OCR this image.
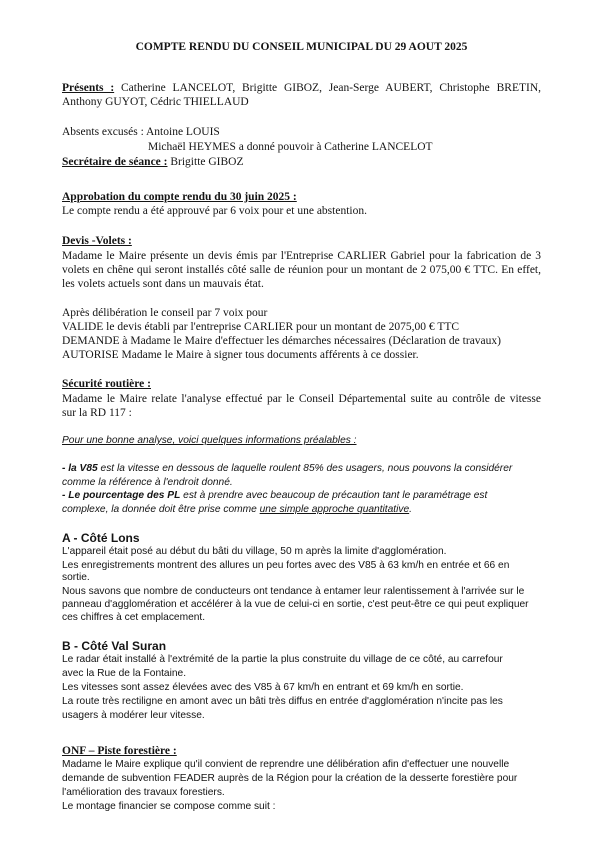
COMPTE RENDU DU CONSEIL MUNICIPAL DU 29 AOUT 2025
Présents : Catherine LANCELOT, Brigitte GIBOZ, Jean-Serge AUBERT, Christophe BRETIN,
Anthony GUYOT, Cédric THIELLAUD
Absents excusés : Antoine LOUIS
Michaël HEYMES a donné pouvoir à Catherine LANCELOT
Secrétaire de séance : Brigitte GIBOZ
Approbation du compte rendu du 30 juin 2025 :
Le compte rendu a été approuvé par 6 voix pour et une abstention.
Devis -Volets :
Madame le Maire présente un devis émis par l'Entreprise CARLIER Gabriel pour la fabrication de 3
volets en chêne qui seront installés côté salle de réunion pour un montant de 2 075,00 € TTC. En effet,
les volets actuels sont dans un mauvais état.
Après délibération le conseil par 7 voix pour
VALIDE le devis établi par l'entreprise CARLIER pour un montant de 2075,00 € TTC
DEMANDE à Madame le Maire d'effectuer les démarches nécessaires (Déclaration de travaux)
AUTORISE Madame le Maire à signer tous documents afférents à ce dossier.
Sécurité routière :
Madame le Maire relate l'analyse effectué par le Conseil Départemental suite au contrôle de vitesse
sur la RD 117 :
Pour une bonne analyse, voici quelques informations préalables :
- la V85 est la vitesse en dessous de laquelle roulent 85% des usagers, nous pouvons la considérer
comme la référence à l'endroit donné.
- Le pourcentage des PL est à prendre avec beaucoup de précaution tant le paramétrage est
complexe, la donnée doit être prise comme une simple approche quantitative.
A - Côté Lons
L'appareil était posé au début du bâti du village, 50 m après la limite d'agglomération.
Les enregistrements montrent des allures un peu fortes avec des V85 à 63 km/h en entrée et 66 en
sortie.
Nous savons que nombre de conducteurs ont tendance à entamer leur ralentissement à l'arrivée sur le
panneau d'agglomération et accélérer à la vue de celui-ci en sortie, c'est peut-être ce qui peut expliquer
ces chiffres à cet emplacement.
B - Côté Val Suran
Le radar était installé à l'extrémité de la partie la plus construite du village de ce côté, au carrefour
avec la Rue de la Fontaine.
Les vitesses sont assez élevées avec des V85 à 67 km/h en entrant et 69 km/h en sortie.
La route très rectiligne en amont avec un bâti très diffus en entrée d'agglomération n'incite pas les
usagers à modérer leur vitesse.
ONF – Piste forestière :
Madame le Maire explique qu'il convient de reprendre une délibération afin d'effectuer une nouvelle
demande de subvention FEADER auprès de la Région pour la création de la desserte forestière pour
l'amélioration des travaux forestiers.
Le montage financier se compose comme suit :
